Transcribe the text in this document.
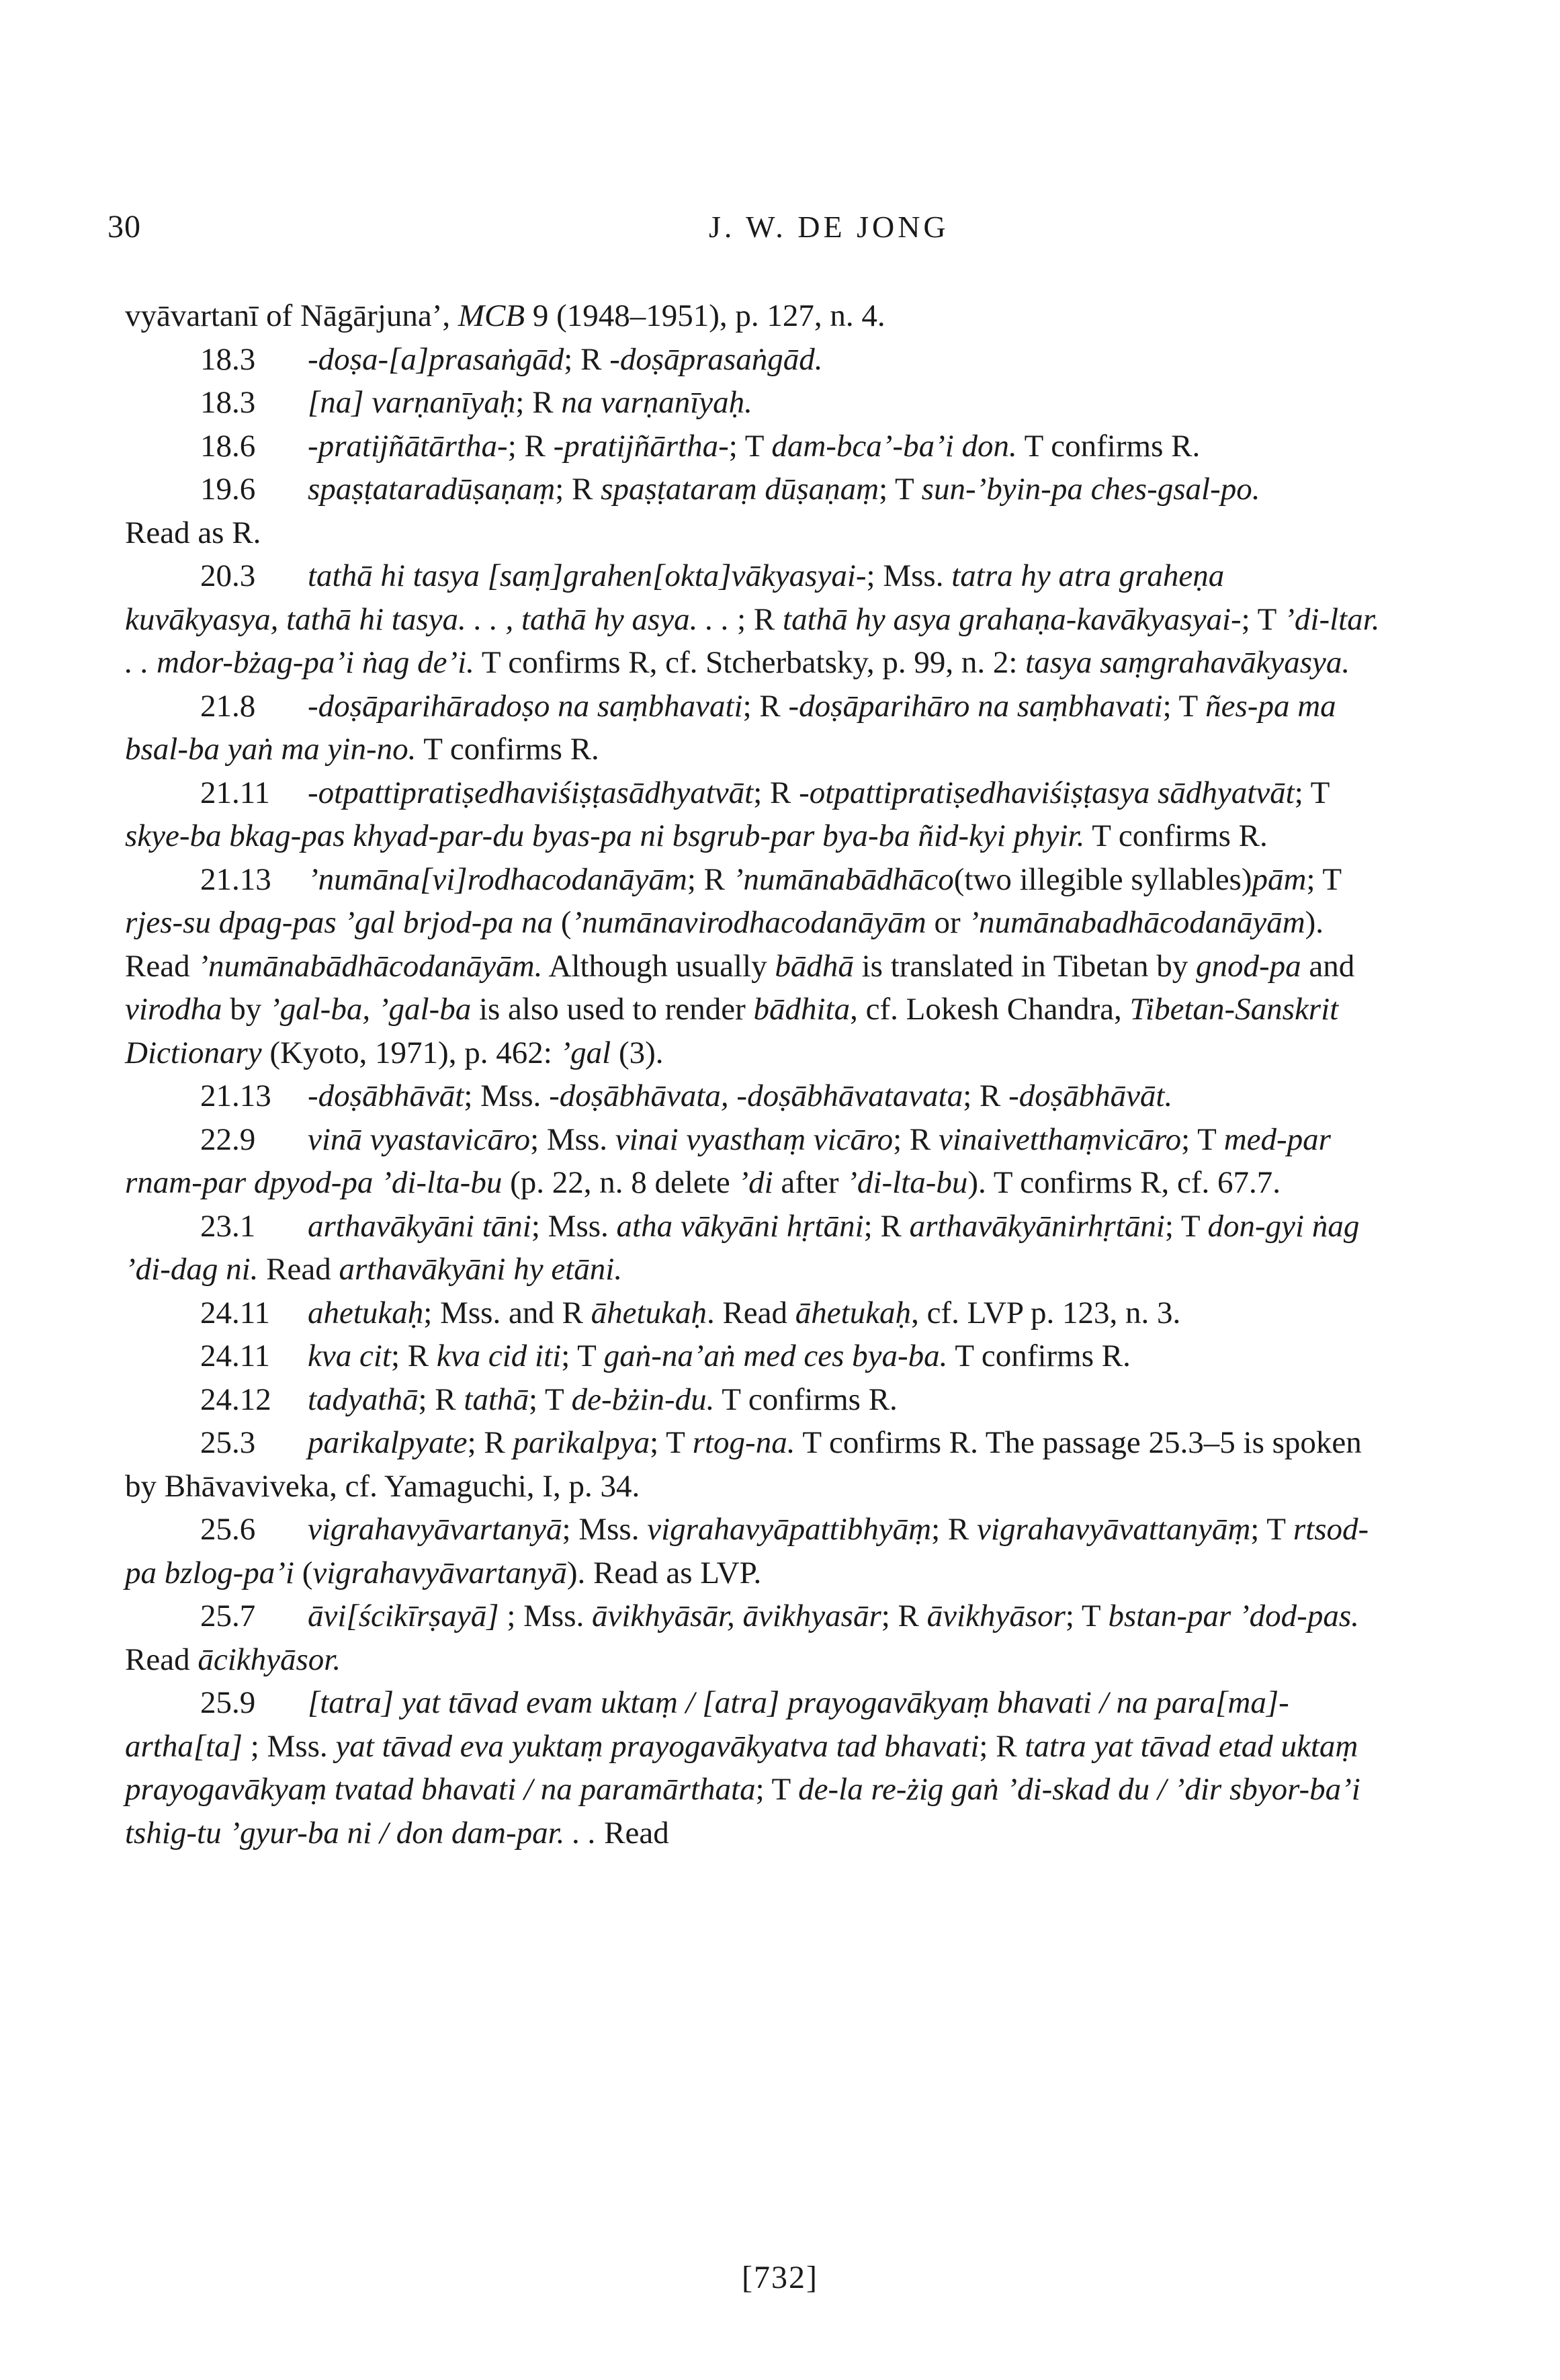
30	J. W. DE JONG

vyāvartanī of Nāgārjuna’, MCB 9 (1948–1951), p. 127, n. 4.

18.3 -doṣa-[a]prasaṅgād; R -doṣāprasaṅgād.

18.3 [na] varṇanīyaḥ; R na varṇanīyaḥ.

18.6 -pratijñātārtha-; R -pratijñārtha-; T dam-bca’-ba’i don. T confirms R.

19.6 spaṣṭataradūṣaṇaṃ; R spaṣṭataraṃ dūṣaṇaṃ; T sun-’byin-pa ches-gsal-po.

Read as R.

20.3 tathā hi tasya [saṃ]grahen[okta]vākyasyai-; Mss. tatra hy atra graheṇa kuvākyasya, tathā hi tasya. . . , tathā hy asya. . . ; R tathā hy asya grahaṇa-kavākyasyai-; T ’di-ltar. . . mdor-bżag-pa’i ṅag de’i. T confirms R, cf. Stcherbatsky, p. 99, n. 2: tasya saṃgrahavākyasya.

21.8 -doṣāparihāradoṣo na saṃbhavati; R -doṣāparihāro na saṃbhavati; T ñes-pa ma bsal-ba yaṅ ma yin-no. T confirms R.

21.11 -otpattipratiṣedhaviśiṣṭasādhyatvāt; R -otpattipratiṣedhaviśiṣṭasya sādhyatvāt; T skye-ba bkag-pas khyad-par-du byas-pa ni bsgrub-par bya-ba ñid-kyi phyir. T confirms R.

21.13 ’numāna[vi]rodhacodanāyām; R ’numānabādhāco(two illegible syllables)pām; T rjes-su dpag-pas ’gal brjod-pa na (’numānavirodhacodanāyām or ’numānabadhācodanāyām). Read ’numānabādhācodanāyām. Although usually bādhā is translated in Tibetan by gnod-pa and virodha by ’gal-ba, ’gal-ba is also used to render bādhita, cf. Lokesh Chandra, Tibetan-Sanskrit Dictionary (Kyoto, 1971), p. 462: ’gal (3).

21.13 -doṣābhāvāt; Mss. -doṣābhāvata, -doṣābhāvatavata; R -doṣābhāvāt.

22.9 vinā vyastavicāro; Mss. vinai vyasthaṃ vicāro; R vinaivetthaṃvicāro; T med-par rnam-par dpyod-pa ’di-lta-bu (p. 22, n. 8 delete ’di after ’di-lta-bu). T confirms R, cf. 67.7.

23.1 arthavākyāni tāni; Mss. atha vākyāni hṛtāni; R arthavākyānirhṛtāni; T don-gyi ṅag ’di-dag ni. Read arthavākyāni hy etāni.

24.11 ahetukaḥ; Mss. and R āhetukaḥ. Read āhetukaḥ, cf. LVP p. 123, n. 3.

24.11 kva cit; R kva cid iti; T gaṅ-na’aṅ med ces bya-ba. T confirms R.

24.12 tadyathā; R tathā; T de-bżin-du. T confirms R.

25.3 parikalpyate; R parikalpya; T rtog-na. T confirms R. The passage 25.3–5 is spoken by Bhāvaviveka, cf. Yamaguchi, I, p. 34.

25.6 vigrahavyāvartanyā; Mss. vigrahavyāpattibhyāṃ; R vigrahavyāvattanyāṃ; T rtsod-pa bzlog-pa’i (vigrahavyāvartanyā). Read as LVP.

25.7 āvi[ścikīrṣayā] ; Mss. āvikhyāsār, āvikhyasār; R āvikhyāsor; T bstan-par ’dod-pas. Read ācikhyāsor.

25.9 [tatra] yat tāvad evam uktaṃ / [atra] prayogavākyaṃ bhavati / na para[ma]-artha[ta] ; Mss. yat tāvad eva yuktaṃ prayogavākyatva tad bhavati; R tatra yat tāvad etad uktaṃ prayogavākyaṃ tvatad bhavati / na paramārthata; T de-la re-żig gaṅ ’di-skad du / ’dir sbyor-ba’i tshig-tu ’gyur-ba ni / don dam-par. . . Read

[732]
